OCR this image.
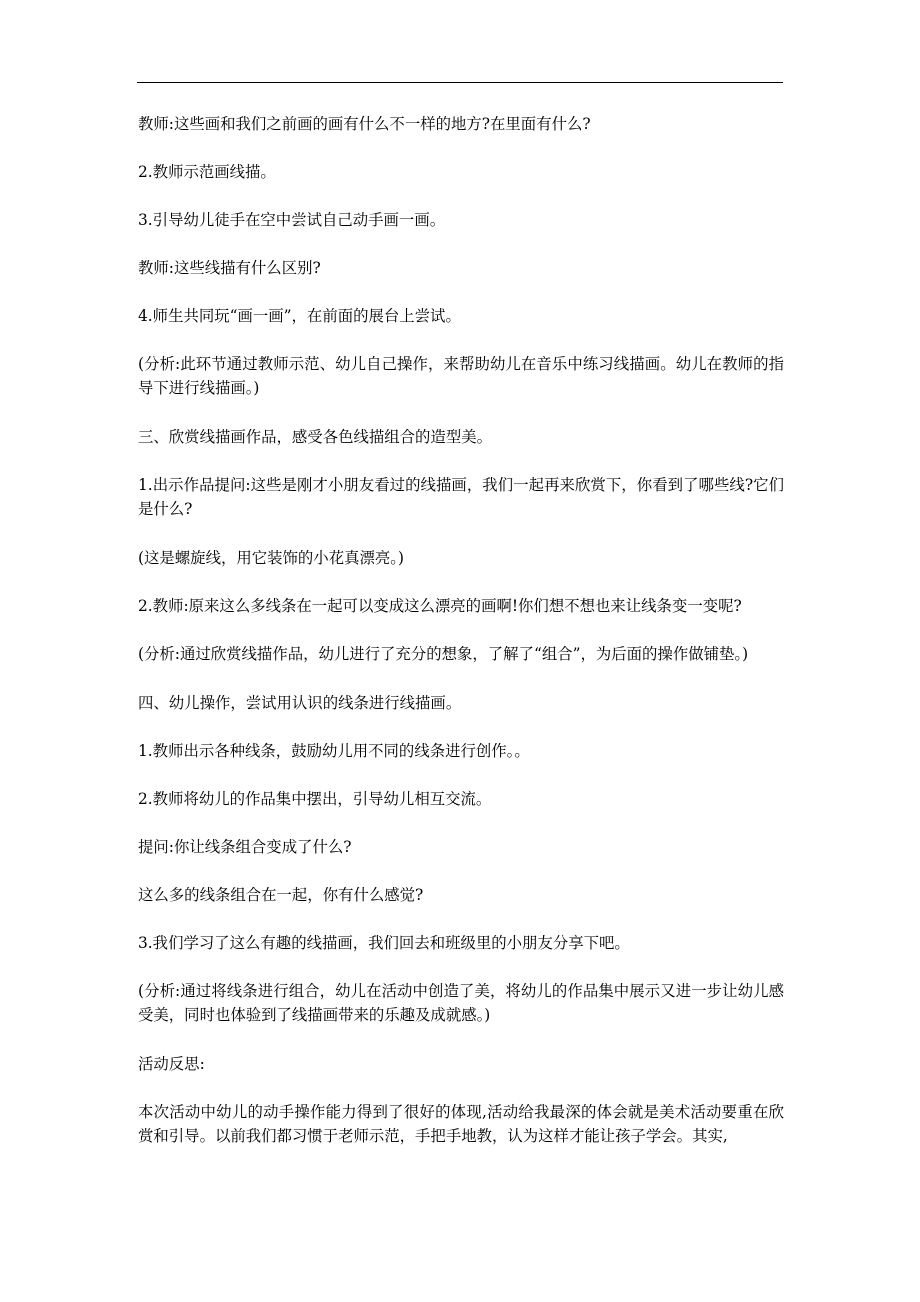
教师:这些画和我们之前画的画有什么不一样的地方?在里面有什么?

2.教师示范画线描。

3.引导幼儿徒手在空中尝试自己动手画一画。

教师:这些线描有什么区别?

4.师生共同玩“画一画”，在前面的展台上尝试。

(分析:此环节通过教师示范、幼儿自己操作，来帮助幼儿在音乐中练习线描画。幼儿在教师的指导下进行线描画。)

三、欣赏线描画作品，感受各色线描组合的造型美。

1.出示作品提问:这些是刚才小朋友看过的线描画，我们一起再来欣赏下，你看到了哪些线?它们是什么?

(这是螺旋线，用它装饰的小花真漂亮。)

2.教师:原来这么多线条在一起可以变成这么漂亮的画啊!你们想不想也来让线条变一变呢?

(分析:通过欣赏线描作品，幼儿进行了充分的想象，了解了“组合”，为后面的操作做铺垫。)

四、幼儿操作，尝试用认识的线条进行线描画。

1.教师出示各种线条，鼓励幼儿用不同的线条进行创作。。

2.教师将幼儿的作品集中摆出，引导幼儿相互交流。

提问:你让线条组合变成了什么?

这么多的线条组合在一起，你有什么感觉?

3.我们学习了这么有趣的线描画，我们回去和班级里的小朋友分享下吧。

(分析:通过将线条进行组合，幼儿在活动中创造了美，将幼儿的作品集中展示又进一步让幼儿感受美，同时也体验到了线描画带来的乐趣及成就感。)

活动反思:

本次活动中幼儿的动手操作能力得到了很好的体现,活动给我最深的体会就是美术活动要重在欣赏和引导。以前我们都习惯于老师示范，手把手地教，认为这样才能让孩子学会。其实,
